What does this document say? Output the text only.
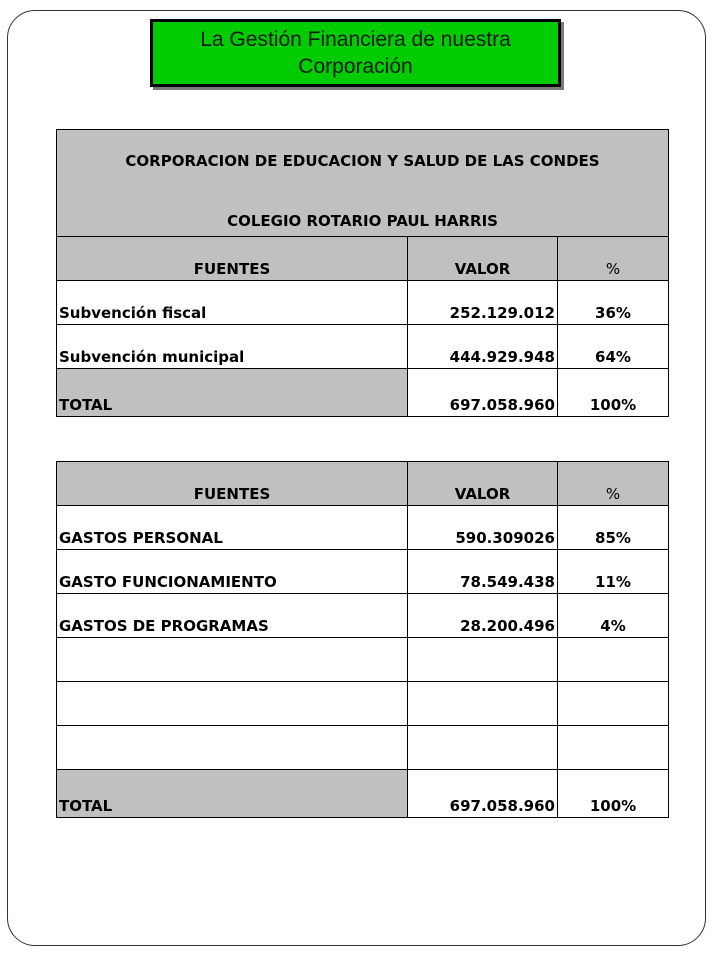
La Gestión Financiera de nuestra Corporación
CORPORACION DE EDUCACION Y SALUD DE LAS CONDES
COLEGIO ROTARIO PAUL HARRIS		

FUENTES	VALOR	%
Subvención fiscal	252.129.012	36%
Subvención municipal	444.929.948	64%
TOTAL	697.058.960	100%
FUENTES	VALOR	%
GASTOS PERSONAL	590.309026	85%
GASTO FUNCIONAMIENTO	78.549.438	11%
GASTOS DE PROGRAMAS	28.200.496	4%

TOTAL	697.058.960	100%
